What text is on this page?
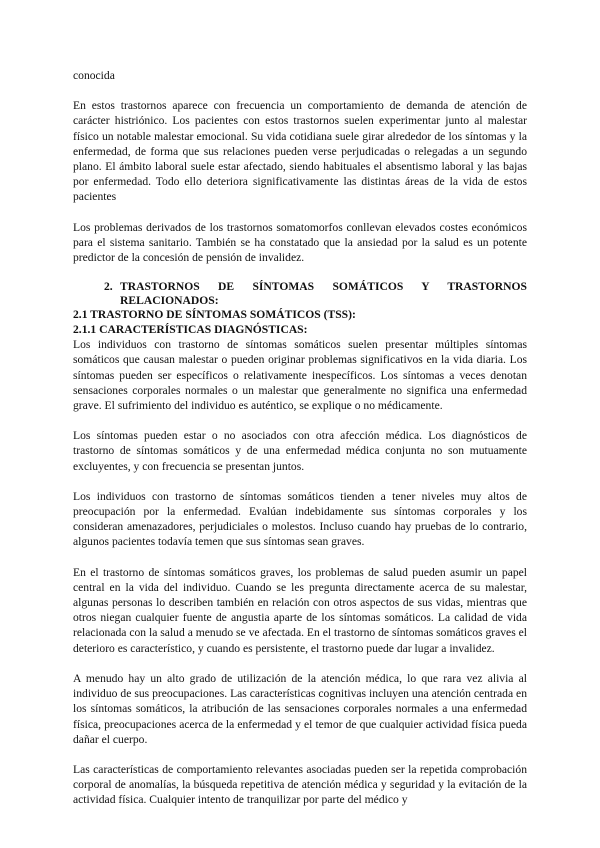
conocida

En estos trastornos aparece con frecuencia un comportamiento de demanda de atención de carácter histriónico. Los pacientes con estos trastornos suelen experimentar junto al malestar físico un notable malestar emocional. Su vida cotidiana suele girar alrededor de los síntomas y la enfermedad, de forma que sus relaciones pueden verse perjudicadas o relegadas a un segundo plano. El ámbito laboral suele estar afectado, siendo habituales el absentismo laboral y las bajas por enfermedad. Todo ello deteriora significativamente las distintas áreas de la vida de estos pacientes

Los problemas derivados de los trastornos somatomorfos conllevan elevados costes económicos para el sistema sanitario. También se ha constatado que la ansiedad por la salud es un potente predictor de la concesión de pensión de invalidez.

2. TRASTORNOS DE SÍNTOMAS SOMÁTICOS Y TRASTORNOS RELACIONADOS:

2.1 TRASTORNO DE SÍNTOMAS SOMÁTICOS (TSS):

2.1.1 CARACTERÍSTICAS DIAGNÓSTICAS:

Los individuos con trastorno de síntomas somáticos suelen presentar múltiples síntomas somáticos que causan malestar o pueden originar problemas significativos en la vida diaria. Los síntomas pueden ser específicos o relativamente inespecíficos. Los síntomas a veces denotan sensaciones corporales normales o un malestar que generalmente no significa una enfermedad grave. El sufrimiento del individuo es auténtico, se explique o no médicamente.

Los síntomas pueden estar o no asociados con otra afección médica. Los diagnósticos de trastorno de síntomas somáticos y de una enfermedad médica conjunta no son mutuamente excluyentes, y con frecuencia se presentan juntos.

Los individuos con trastorno de síntomas somáticos tienden a tener niveles muy altos de preocupación por la enfermedad. Evalúan indebidamente sus síntomas corporales y los consideran amenazadores, perjudiciales o molestos. Incluso cuando hay pruebas de lo contrario, algunos pacientes todavía temen que sus síntomas sean graves.

En el trastorno de síntomas somáticos graves, los problemas de salud pueden asumir un papel central en la vida del individuo. Cuando se les pregunta directamente acerca de su malestar, algunas personas lo describen también en relación con otros aspectos de sus vidas, mientras que otros niegan cualquier fuente de angustia aparte de los síntomas somáticos. La calidad de vida relacionada con la salud a menudo se ve afectada. En el trastorno de síntomas somáticos graves el deterioro es característico, y cuando es persistente, el trastorno puede dar lugar a invalidez.

A menudo hay un alto grado de utilización de la atención médica, lo que rara vez alivia al individuo de sus preocupaciones. Las características cognitivas incluyen una atención centrada en los síntomas somáticos, la atribución de las sensaciones corporales normales a una enfermedad física, preocupaciones acerca de la enfermedad y el temor de que cualquier actividad física pueda dañar el cuerpo.

Las características de comportamiento relevantes asociadas pueden ser la repetida comprobación corporal de anomalías, la búsqueda repetitiva de atención médica y seguridad y la evitación de la actividad física. Cualquier intento de tranquilizar por parte del médico y
